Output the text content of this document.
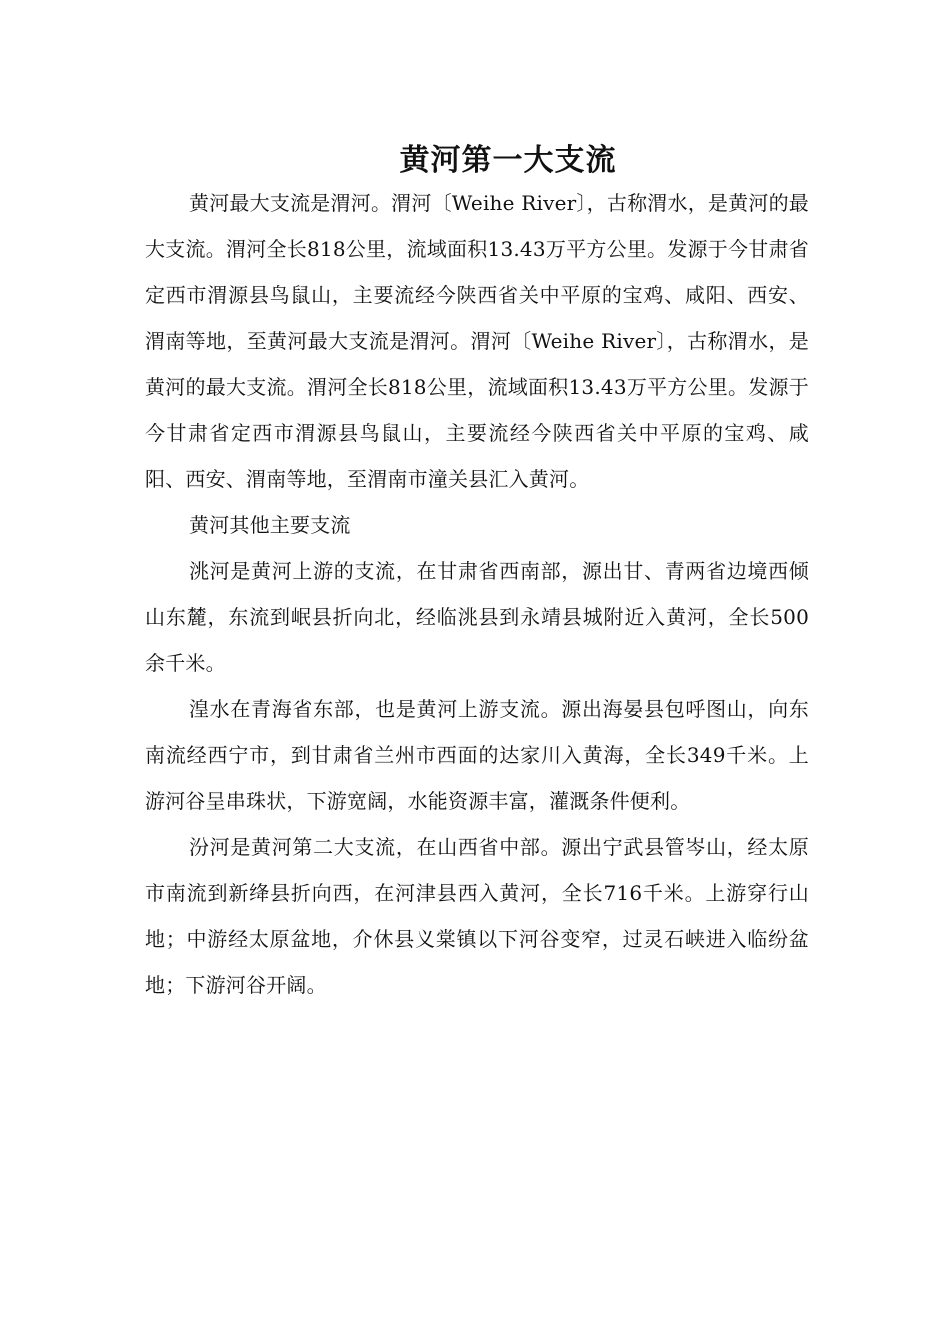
黄河第一大支流

黄河最大支流是渭河。渭河〔Weihe River〕，古称渭水，是黄河的最大支流。渭河全长818公里，流域面积13.43万平方公里。发源于今甘肃省定西市渭源县鸟鼠山，主要流经今陕西省关中平原的宝鸡、咸阳、西安、渭南等地，至黄河最大支流是渭河。渭河〔Weihe River〕，古称渭水，是黄河的最大支流。渭河全长818公里，流域面积13.43万平方公里。发源于今甘肃省定西市渭源县鸟鼠山，主要流经今陕西省关中平原的宝鸡、咸阳、西安、渭南等地，至渭南市潼关县汇入黄河。

黄河其他主要支流

洮河是黄河上游的支流，在甘肃省西南部，源出甘、青两省边境西倾山东麓，东流到岷县折向北，经临洮县到永靖县城附近入黄河，全长500余千米。

湟水在青海省东部，也是黄河上游支流。源出海晏县包呼图山，向东南流经西宁市，到甘肃省兰州市西面的达家川入黄海，全长349千米。上游河谷呈串珠状，下游宽阔，水能资源丰富，灌溉条件便利。

汾河是黄河第二大支流，在山西省中部。源出宁武县管岑山，经太原市南流到新绛县折向西，在河津县西入黄河，全长716千米。上游穿行山地；中游经太原盆地，介休县义棠镇以下河谷变窄，过灵石峡进入临纷盆地；下游河谷开阔。
